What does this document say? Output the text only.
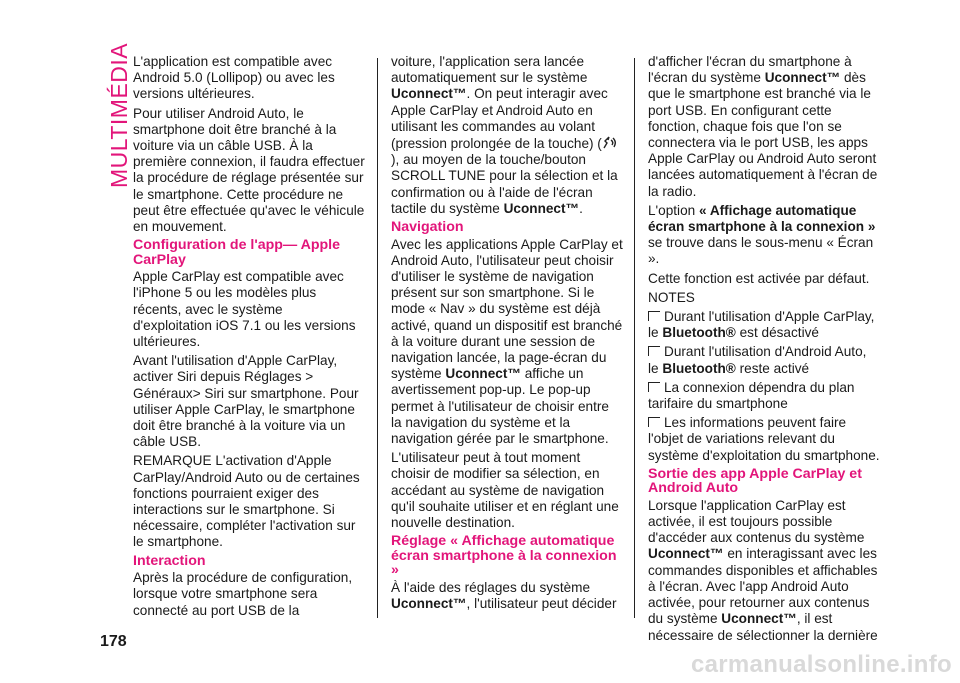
MULTIMÉDIA L'application est compatible avec Android 5.0 (Lollipop) ou avec les versions ultérieures.

Pour utiliser Android Auto, le smartphone doit être branché à la voiture via un câble USB. À la première connexion, il faudra effectuer la procédure de réglage présentée sur le smartphone. Cette procédure ne peut être effectuée qu'avec le véhicule en mouvement.

Configuration de l'app— Apple CarPlay

Apple CarPlay est compatible avec l'iPhone 5 ou les modèles plus récents, avec le système d'exploitation iOS 7.1 ou les versions ultérieures.

Avant l'utilisation d'Apple CarPlay, activer Siri depuis Réglages > Généraux> Siri sur smartphone. Pour utiliser Apple CarPlay, le smartphone doit être branché à la voiture via un câble USB.

REMARQUE L'activation d'Apple CarPlay/Android Auto ou de certaines fonctions pourraient exiger des interactions sur le smartphone. Si nécessaire, compléter l'activation sur le smartphone.

Interaction

Après la procédure de configuration, lorsque votre smartphone sera connecté au port USB de la

voiture, l'application sera lancée automatiquement sur le système Uconnect™. On peut interagir avec Apple CarPlay et Android Auto en utilisant les commandes au volant (pression prolongée de la touche) (), au moyen de la touche/bouton SCROLL TUNE pour la sélection et la confirmation ou à l'aide de l'écran tactile du système Uconnect™.

Navigation

Avec les applications Apple CarPlay et Android Auto, l'utilisateur peut choisir d'utiliser le système de navigation présent sur son smartphone. Si le mode « Nav » du système est déjà activé, quand un dispositif est branché à la voiture durant une session de navigation lancée, la page-écran du système Uconnect™ affiche un avertissement pop-up. Le pop-up permet à l'utilisateur de choisir entre la navigation du système et la navigation gérée par le smartphone.

L'utilisateur peut à tout moment choisir de modifier sa sélection, en accédant au système de navigation qu'il souhaite utiliser et en réglant une nouvelle destination.

Réglage « Affichage automatique écran smartphone à la connexion »

À l'aide des réglages du système Uconnect™, l'utilisateur peut décider

d'afficher l'écran du smartphone à l'écran du système Uconnect™ dès que le smartphone est branché via le port USB. En configurant cette fonction, chaque fois que l'on se connectera via le port USB, les apps Apple CarPlay ou Android Auto seront lancées automatiquement à l'écran de la radio.

L'option « Affichage automatique écran smartphone à la connexion » se trouve dans le sous-menu « Écran ».

Cette fonction est activée par défaut.

NOTES

Durant l'utilisation d'Apple CarPlay, le Bluetooth® est désactivé

Durant l'utilisation d'Android Auto, le Bluetooth® reste activé

La connexion dépendra du plan tarifaire du smartphone

Les informations peuvent faire l'objet de variations relevant du système d'exploitation du smartphone.

Sortie des app Apple CarPlay et Android Auto

Lorsque l'application CarPlay est activée, il est toujours possible d'accéder aux contenus du système Uconnect™ en interagissant avec les commandes disponibles et affichables à l'écran. Avec l'app Android Auto activée, pour retourner aux contenus du système Uconnect™, il est nécessaire de sélectionner la dernière

178
carmanualsonline.info
